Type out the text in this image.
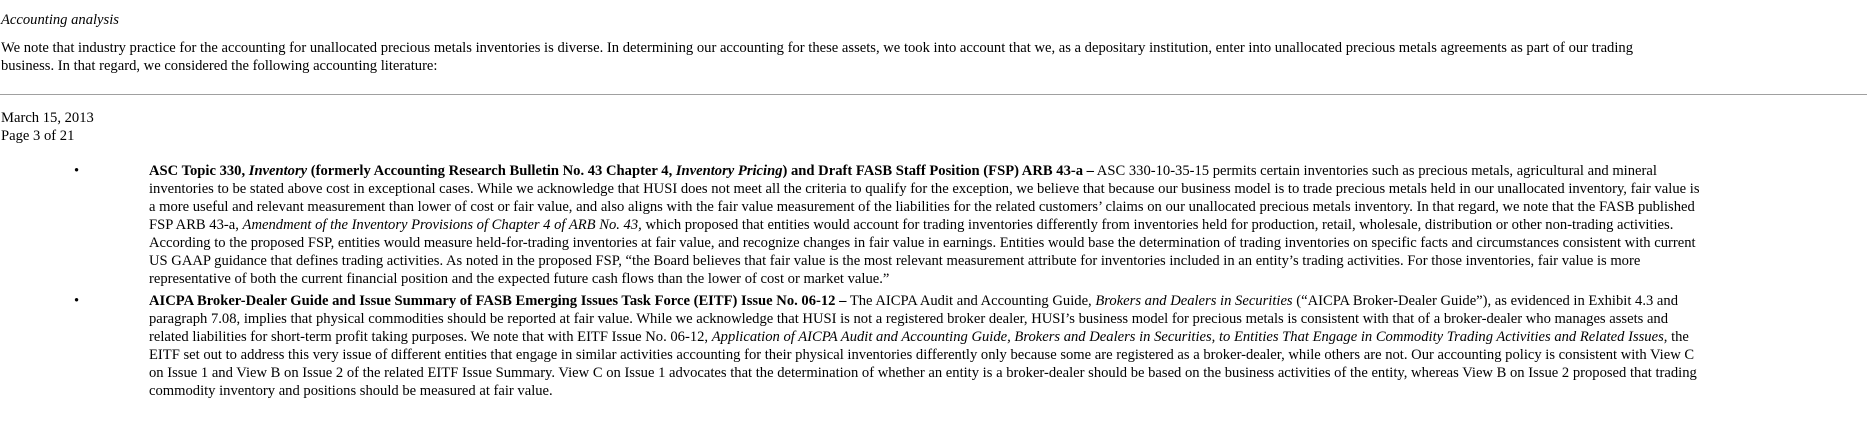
Accounting analysis
We note that industry practice for the accounting for unallocated precious metals inventories is diverse. In determining our accounting for these assets, we took into account that we, as a depositary institution, enter into unallocated precious metals agreements as part of our trading
business. In that regard, we considered the following accounting literature:
March 15, 2013
Page 3 of 21
•	ASC Topic 330, Inventory (formerly Accounting Research Bulletin No. 43 Chapter 4, Inventory Pricing) and Draft FASB Staff Position (FSP) ARB 43-a – ASC 330-10-35-15 permits certain inventories such as precious metals, agricultural and mineral
inventories to be stated above cost in exceptional cases. While we acknowledge that HUSI does not meet all the criteria to qualify for the exception, we believe that because our business model is to trade precious metals held in our unallocated inventory, fair value is
a more useful and relevant measurement than lower of cost or fair value, and also aligns with the fair value measurement of the liabilities for the related customers’ claims on our unallocated precious metals inventory. In that regard, we note that the FASB published
FSP ARB 43-a, Amendment of the Inventory Provisions of Chapter 4 of ARB No. 43, which proposed that entities would account for trading inventories differently from inventories held for production, retail, wholesale, distribution or other non-trading activities.
According to the proposed FSP, entities would measure held-for-trading inventories at fair value, and recognize changes in fair value in earnings. Entities would base the determination of trading inventories on specific facts and circumstances consistent with current
US GAAP guidance that defines trading activities. As noted in the proposed FSP, “the Board believes that fair value is the most relevant measurement attribute for inventories included in an entity’s trading activities. For those inventories, fair value is more
representative of both the current financial position and the expected future cash flows than the lower of cost or market value.”
•	AICPA Broker-Dealer Guide and Issue Summary of FASB Emerging Issues Task Force (EITF) Issue No. 06-12 – The AICPA Audit and Accounting Guide, Brokers and Dealers in Securities (“AICPA Broker-Dealer Guide”), as evidenced in Exhibit 4.3 and
paragraph 7.08, implies that physical commodities should be reported at fair value. While we acknowledge that HUSI is not a registered broker dealer, HUSI’s business model for precious metals is consistent with that of a broker-dealer who manages assets and
related liabilities for short-term profit taking purposes. We note that with EITF Issue No. 06-12, Application of AICPA Audit and Accounting Guide, Brokers and Dealers in Securities, to Entities That Engage in Commodity Trading Activities and Related Issues, the
EITF set out to address this very issue of different entities that engage in similar activities accounting for their physical inventories differently only because some are registered as a broker-dealer, while others are not. Our accounting policy is consistent with View C
on Issue 1 and View B on Issue 2 of the related EITF Issue Summary. View C on Issue 1 advocates that the determination of whether an entity is a broker-dealer should be based on the business activities of the entity, whereas View B on Issue 2 proposed that trading
commodity inventory and positions should be measured at fair value.
